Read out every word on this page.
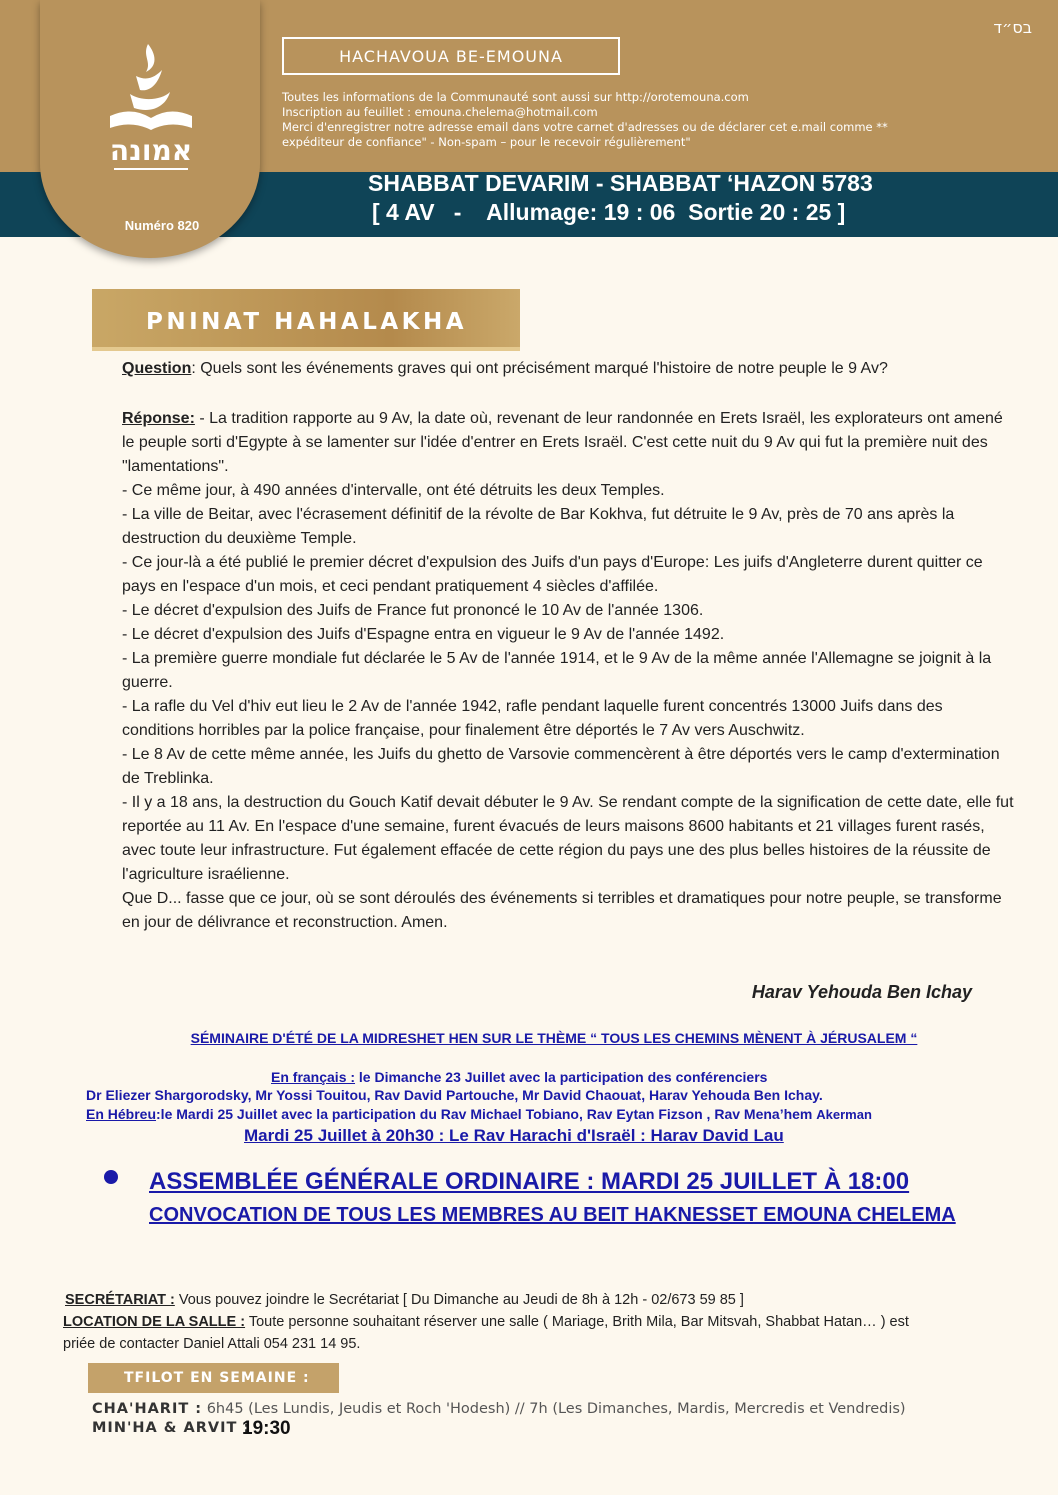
בס״ד
אמונה
Numéro 820
HACHAVOUA BE-EMOUNA
Toutes les informations de la Communauté sont aussi sur http://orotemouna.com
Inscription au feuillet : emouna.chelema@hotmail.com
Merci d'enregistrer notre adresse email dans votre carnet d'adresses ou de déclarer cet e.mail comme **
expéditeur de confiance" - Non-spam – pour le recevoir régulièrement"
SHABBAT DEVARIM - SHABBAT ‘HAZON 5783
[ 4 AV   -    Allumage: 19 : 06  Sortie 20 : 25 ]
PNINAT HAHALAKHA

Question: Quels sont les événements graves qui ont précisément marqué l'histoire de notre peuple le 9 Av?

Réponse: - La tradition rapporte au 9 Av, la date où, revenant de leur randonnée en Erets Israël, les explorateurs ont amené le peuple sorti d'Egypte à se lamenter sur l'idée d'entrer en Erets Israël. C'est cette nuit du 9 Av qui fut la première nuit des "lamentations".

- Ce même jour, à 490 années d'intervalle, ont été détruits les deux Temples.

- La ville de Beitar, avec l'écrasement définitif de la révolte de Bar Kokhva, fut détruite le 9 Av, près de 70 ans après la destruction du deuxième Temple.

- Ce jour-là a été publié le premier décret d'expulsion des Juifs d'un pays d'Europe: Les juifs d'Angleterre durent quitter ce pays en l'espace d'un mois, et ceci pendant pratiquement 4 siècles d'affilée.

- Le décret d'expulsion des Juifs de France fut prononcé le 10 Av de l'année 1306.

- Le décret d'expulsion des Juifs d'Espagne entra en vigueur le 9 Av de l'année 1492.

- La première guerre mondiale fut déclarée le 5 Av de l'année 1914, et le 9 Av de la même année l'Allemagne se joignit à la guerre.

- La rafle du Vel d'hiv eut lieu le 2 Av de l'année 1942, rafle pendant laquelle furent concentrés 13000 Juifs dans des conditions horribles par la police française, pour finalement être déportés le 7 Av vers Auschwitz.

- Le 8 Av de cette même année, les Juifs du ghetto de Varsovie commencèrent à être déportés vers le camp d'extermination de Treblinka.

- Il y a 18 ans, la destruction du Gouch Katif devait débuter le 9 Av. Se rendant compte de la signification de cette date, elle fut reportée au 11 Av. En l'espace d'une semaine, furent évacués de leurs maisons 8600 habitants et 21 villages furent rasés, avec toute leur infrastructure. Fut également effacée de cette région du pays une des plus belles histoires de la réussite de l'agriculture israélienne.

Que D... fasse que ce jour, où se sont déroulés des événements si terribles et dramatiques pour notre peuple, se transforme en jour de délivrance et reconstruction. Amen.

Harav Yehouda Ben Ichay
SÉMINAIRE D'ÉTÉ DE LA MIDRESHET HEN SUR LE THÈME “ TOUS LES CHEMINS MÈNENT À JÉRUSALEM “
En français : le Dimanche 23 Juillet avec la participation des conférenciers
Dr Eliezer Shargorodsky, Mr Yossi Touitou, Rav David Partouche, Mr David Chaouat, Harav Yehouda Ben Ichay.
En Hébreu:le Mardi 25 Juillet avec la participation du Rav Michael Tobiano, Rav Eytan Fizson , Rav Mena’hem Akerman
Mardi 25 Juillet à 20h30 : Le Rav Harachi d'Israël : Harav David Lau
ASSEMBLÉE GÉNÉRALE ORDINAIRE : MARDI 25 JUILLET À 18:00
CONVOCATION DE TOUS LES MEMBRES AU BEIT HAKNESSET EMOUNA CHELEMA
SECRÉTARIAT : Vous pouvez joindre le Secrétariat [ Du Dimanche au Jeudi de 8h à 12h - 02/673 59 85 ]
LOCATION DE LA SALLE : Toute personne souhaitant réserver une salle ( Mariage, Brith Mila, Bar Mitsvah, Shabbat Hatan… ) est
priée de contacter Daniel Attali 054 231 14 95.
TFILOT EN SEMAINE :
CHA'HARIT : 6h45 (Les Lundis, Jeudis et Roch 'Hodesh) // 7h (Les Dimanches, Mardis, Mercredis et Vendredis)
MIN'HA & ARVIT :
19:30
